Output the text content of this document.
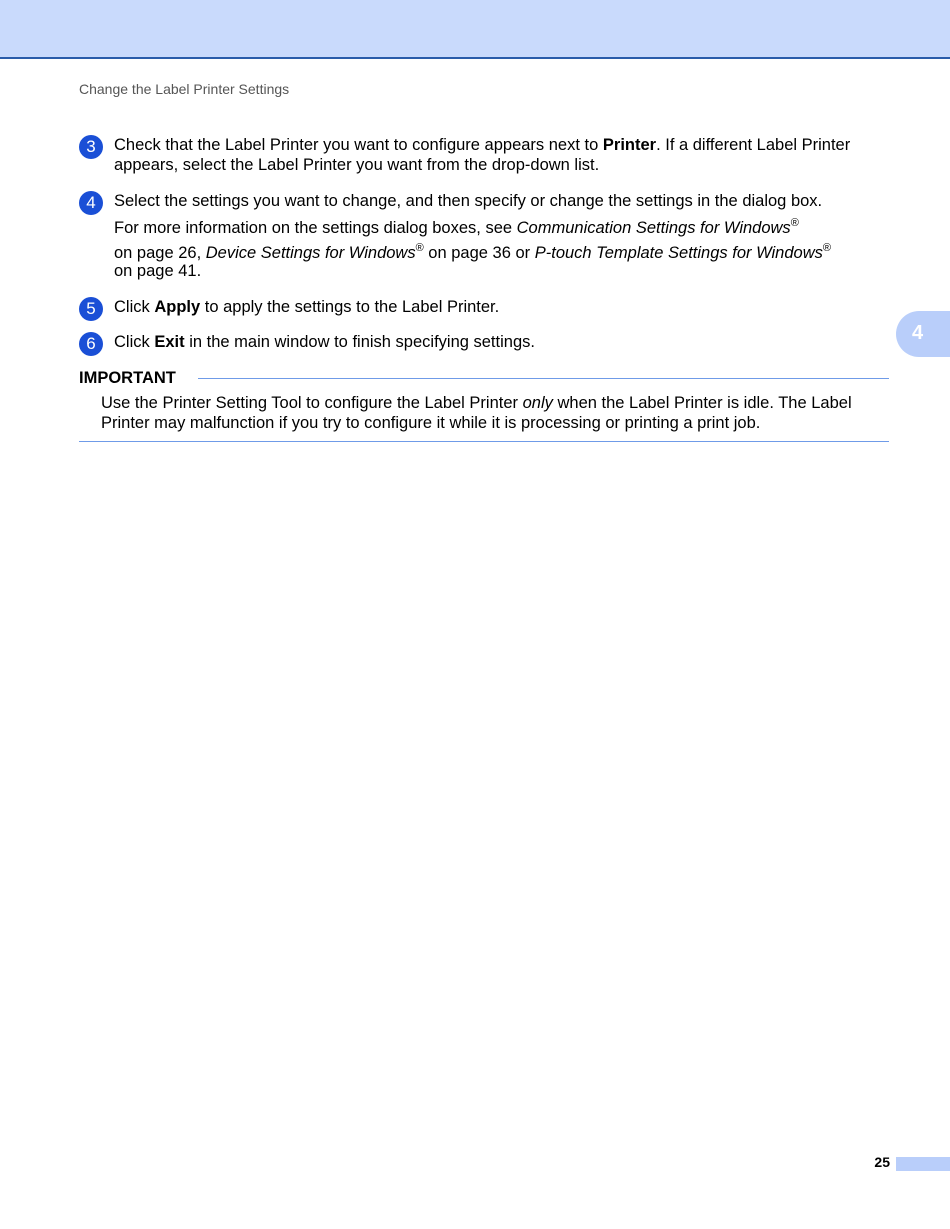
Change the Label Printer Settings
4
3	Check that the Label Printer you want to configure appears next to Printer. If a different Label Printer appears, select the Label Printer you want from the drop-down list.

4	Select the settings you want to change, and then specify or change the settings in the dialog box.

For more information on the settings dialog boxes, see Communication Settings for Windows®
on page 26, Device Settings for Windows® on page 36 or P-touch Template Settings for Windows®

on page 41.

5	Click Apply to apply the settings to the Label Printer.

6	Click Exit in the main window to finish specifying settings.

IMPORTANT
Use the Printer Setting Tool to configure the Label Printer only when the Label Printer is idle. The Label Printer may malfunction if you try to configure it while it is processing or printing a print job.
25
